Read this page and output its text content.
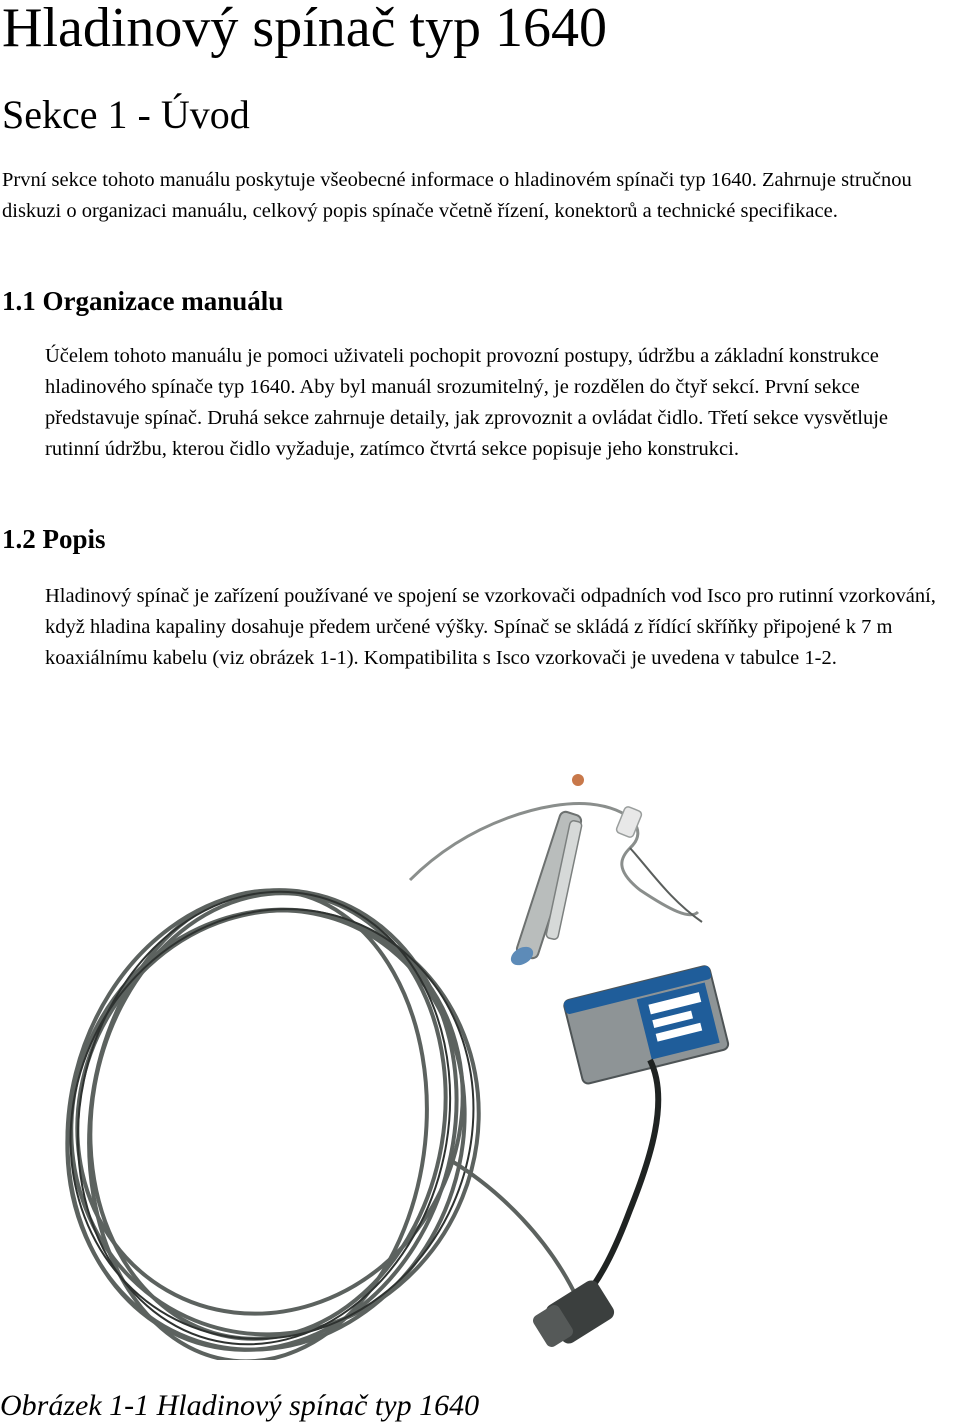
Hladinový spínač typ 1640
Sekce 1 - Úvod

První sekce tohoto manuálu poskytuje všeobecné informace o hladinovém spínači typ 1640. Zahrnuje stručnou diskuzi o organizaci manuálu, celkový popis spínače včetně řízení, konektorů a technické specifikace.

1.1 Organizace manuálu

Účelem tohoto manuálu je pomoci uživateli pochopit provozní postupy, údržbu a základní konstrukce hladinového spínače typ 1640. Aby byl manuál srozumitelný, je rozdělen do čtyř sekcí. První sekce představuje spínač. Druhá sekce zahrnuje detaily, jak zprovoznit a ovládat čidlo. Třetí sekce vysvětluje rutinní údržbu, kterou čidlo vyžaduje, zatímco čtvrtá sekce popisuje jeho konstrukci.

1.2 Popis

Hladinový spínač je zařízení používané ve spojení se vzorkovači odpadních vod Isco pro rutinní vzorkování, když hladina kapaliny dosahuje předem určené výšky. Spínač se skládá z řídící skříňky připojené k 7 m koaxiálnímu kabelu (viz obrázek 1-1). Kompatibilita s Isco vzorkovači je uvedena v tabulce 1-2.

Obrázek 1-1 Hladinový spínač typ 1640
